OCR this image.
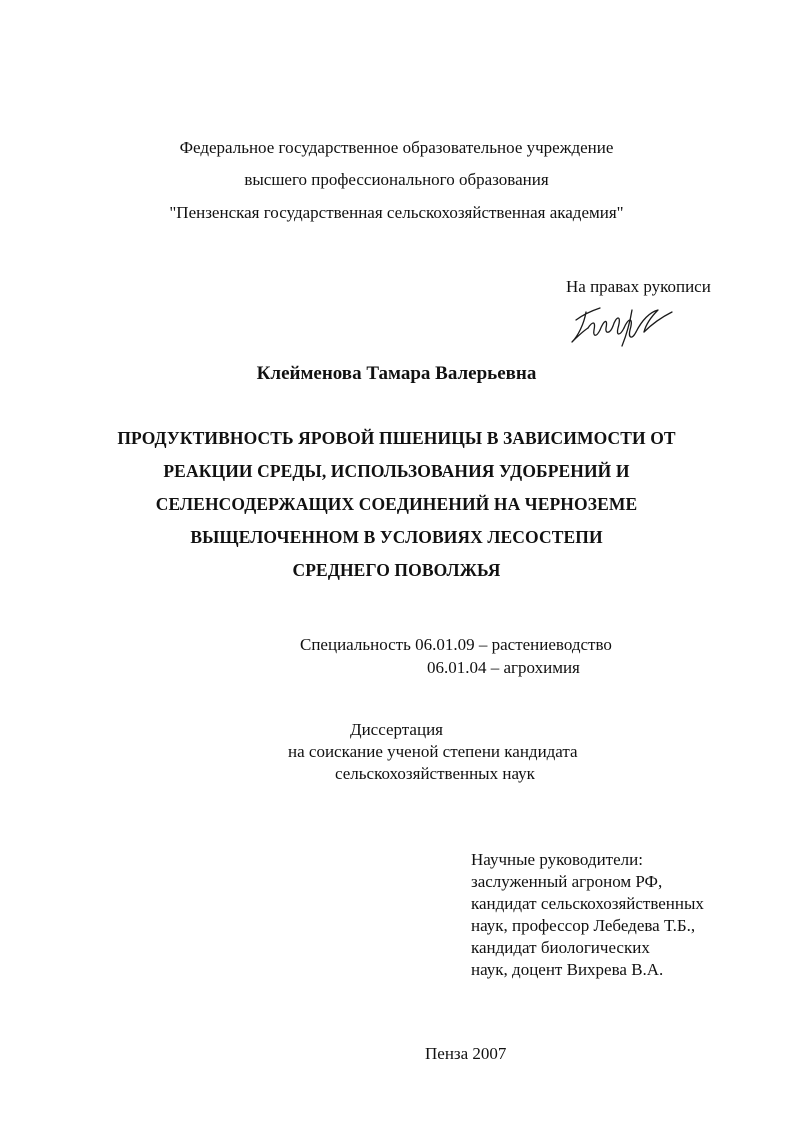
Федеральное государственное образовательное учреждение
высшего профессионального образования
"Пензенская государственная сельскохозяйственная академия"
На правах рукописи
Клейменова Тамара Валерьевна
ПРОДУКТИВНОСТЬ ЯРОВОЙ ПШЕНИЦЫ В ЗАВИСИМОСТИ ОТ
РЕАКЦИИ СРЕДЫ, ИСПОЛЬЗОВАНИЯ УДОБРЕНИЙ И
СЕЛЕНСОДЕРЖАЩИХ СОЕДИНЕНИЙ НА ЧЕРНОЗЕМЕ
ВЫЩЕЛОЧЕННОМ В УСЛОВИЯХ ЛЕСОСТЕПИ
СРЕДНЕГО ПОВОЛЖЬЯ
Специальность 06.01.09 – растениеводство
06.01.04 – агрохимия
Диссертация
на соискание ученой степени кандидата
сельскохозяйственных наук
Научные руководители:
заслуженный агроном РФ,
кандидат сельскохозяйственных
наук, профессор Лебедева Т.Б.,
кандидат биологических
наук, доцент Вихрева В.А.
Пенза 2007
